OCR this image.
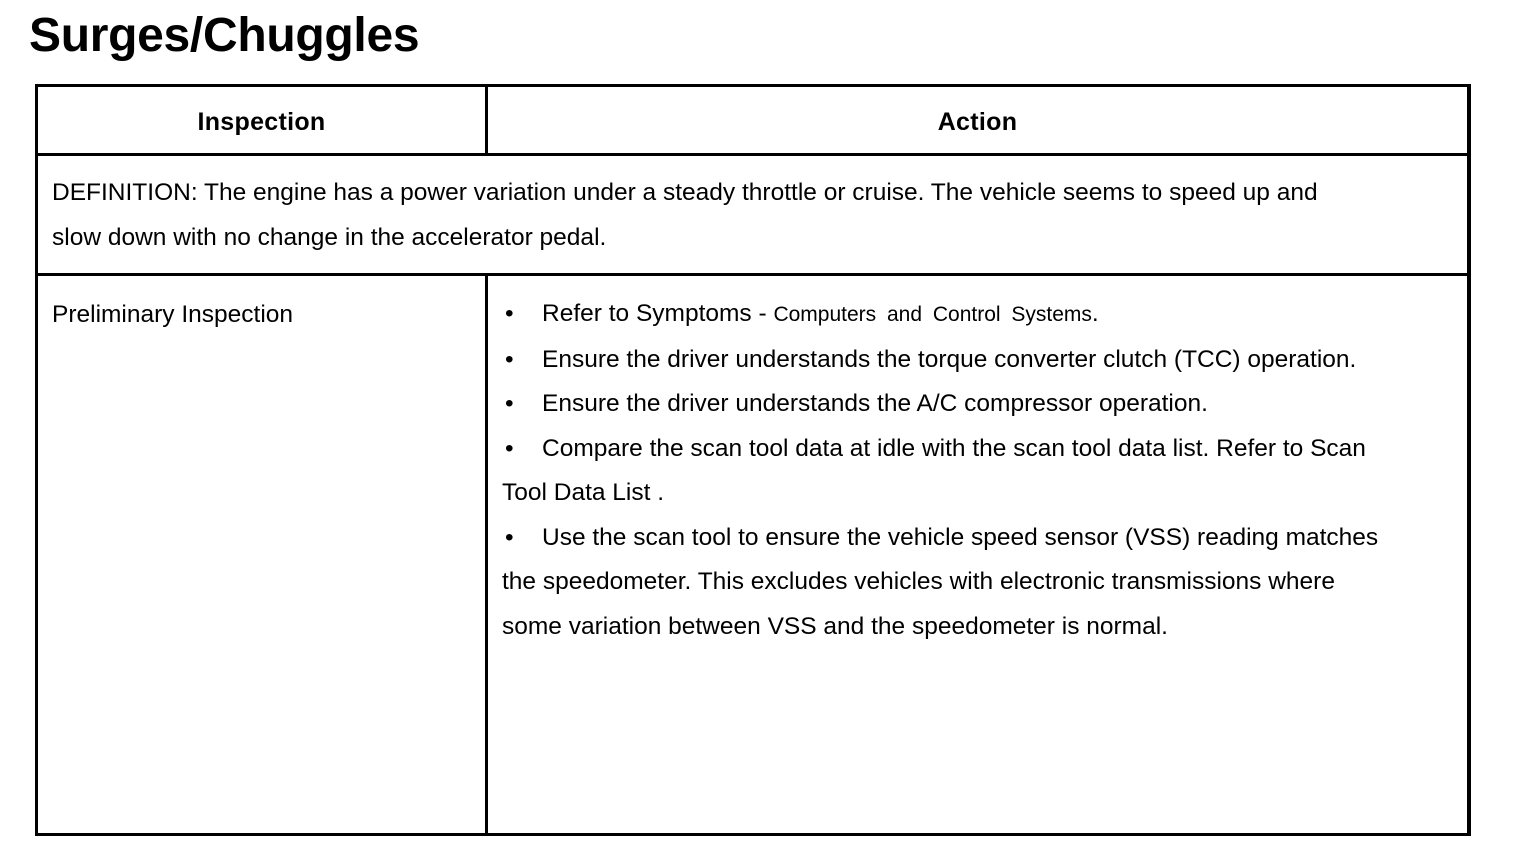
Surges/Chuggles
Inspection	Action

DEFINITION: The engine has a power variation under a steady throttle or cruise. The vehicle seems to speed up and slow down with no change in the accelerator pedal.

Preliminary Inspection	• Refer to Symptoms - Computers and Control Systems.
• Ensure the driver understands the torque converter clutch (TCC) operation.
• Ensure the driver understands the A/C compressor operation.
• Compare the scan tool data at idle with the scan tool data list. Refer to Scan Tool Data List .
• Use the scan tool to ensure the vehicle speed sensor (VSS) reading matches the speedometer. This excludes vehicles with electronic transmissions where some variation between VSS and the speedometer is normal.
